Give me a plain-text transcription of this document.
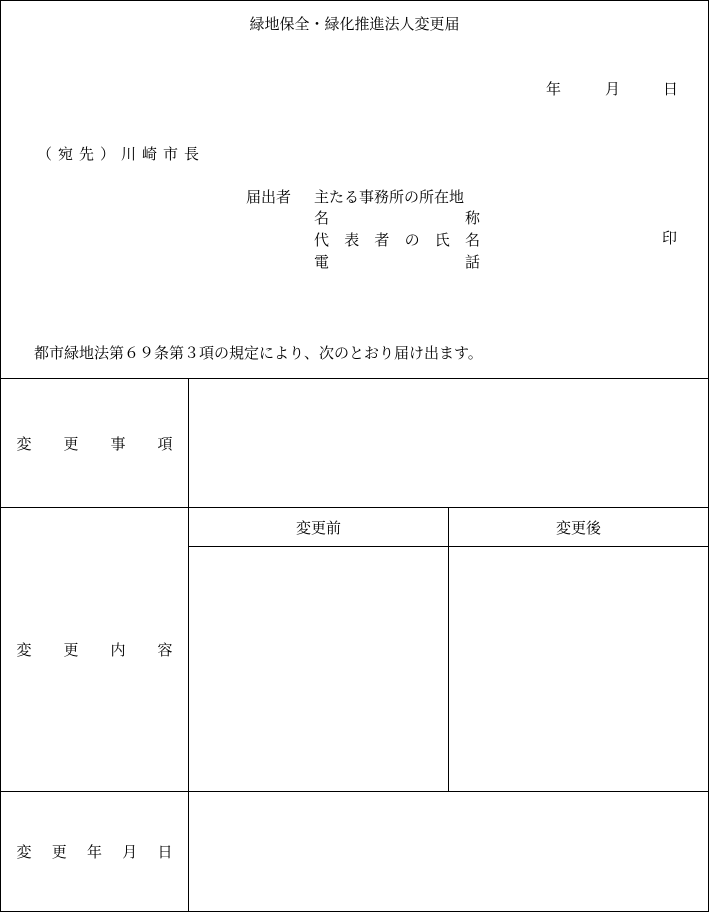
緑地保全・緑化推進法人変更届
年	月	日
（宛先）川崎市長
届出者 主たる事務所の所在地
名	称
代 表 者 の 氏 名
電	話
印
都市緑地法第６９条第３項の規定により、次のとおり届け出ます。
変 更 事 項
変 更 内 容
変更前	変更後
変 更 年 月 日
